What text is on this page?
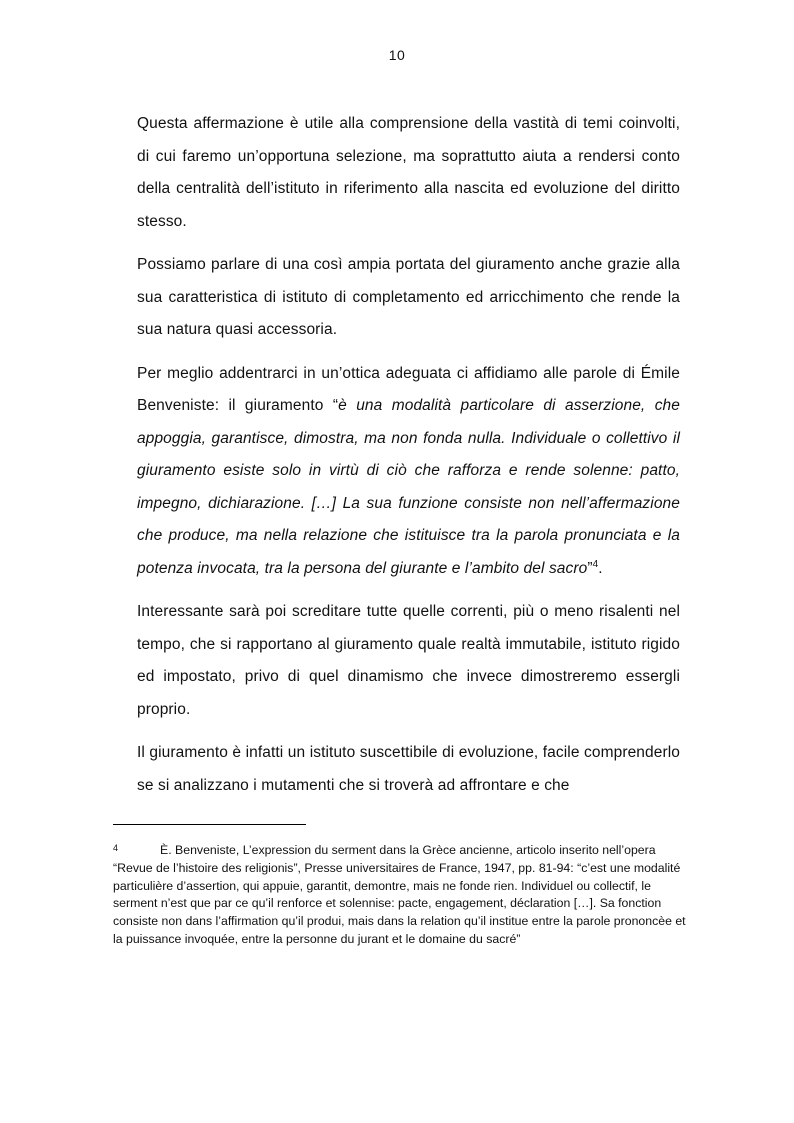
10

Questa affermazione è utile alla comprensione della vastità di temi coinvolti, di cui faremo un’opportuna selezione, ma soprattutto aiuta a rendersi conto della centralità dell’istituto in riferimento alla nascita ed evoluzione del diritto stesso.

Possiamo parlare di una così ampia portata del giuramento anche grazie alla sua caratteristica di istituto di completamento ed arricchimento che rende la sua natura quasi accessoria.

Per meglio addentrarci in un’ottica adeguata ci affidiamo alle parole di Émile Benveniste: il giuramento “è una modalità particolare di asserzione, che appoggia, garantisce, dimostra, ma non fonda nulla. Individuale o collettivo il giuramento esiste solo in virtù di ciò che rafforza e rende solenne: patto, impegno, dichiarazione. […] La sua funzione consiste non nell’affermazione che produce, ma nella relazione che istituisce tra la parola pronunciata e la potenza invocata, tra la persona del giurante e l’ambito del sacro”$^4$.

Interessante sarà poi screditare tutte quelle correnti, più o meno risalenti nel tempo, che si rapportano al giuramento quale realtà immutabile, istituto rigido ed impostato, privo di quel dinamismo che invece dimostreremo essergli proprio.

Il giuramento è infatti un istituto suscettibile di evoluzione, facile comprenderlo se si analizzano i mutamenti che si troverà ad affrontare e che

4	È. Benveniste, L’expression du serment dans la Grèce ancienne, articolo inserito nell’opera “Revue de l’histoire des religionis”, Presse universitaires de France, 1947, pp. 81-94: “c’est une modalité particulière d’assertion, qui appuie, garantit, demontre, mais ne fonde rien. Individuel ou collectif, le serment n’est que par ce qu’il renforce et solennise: pacte, engagement, déclaration […]. Sa fonction consiste non dans l’affirmation qu’il produi, mais dans la relation qu’il institue entre la parole prononcèe et la puissance invoquée, entre la personne du jurant et le domaine du sacré”
